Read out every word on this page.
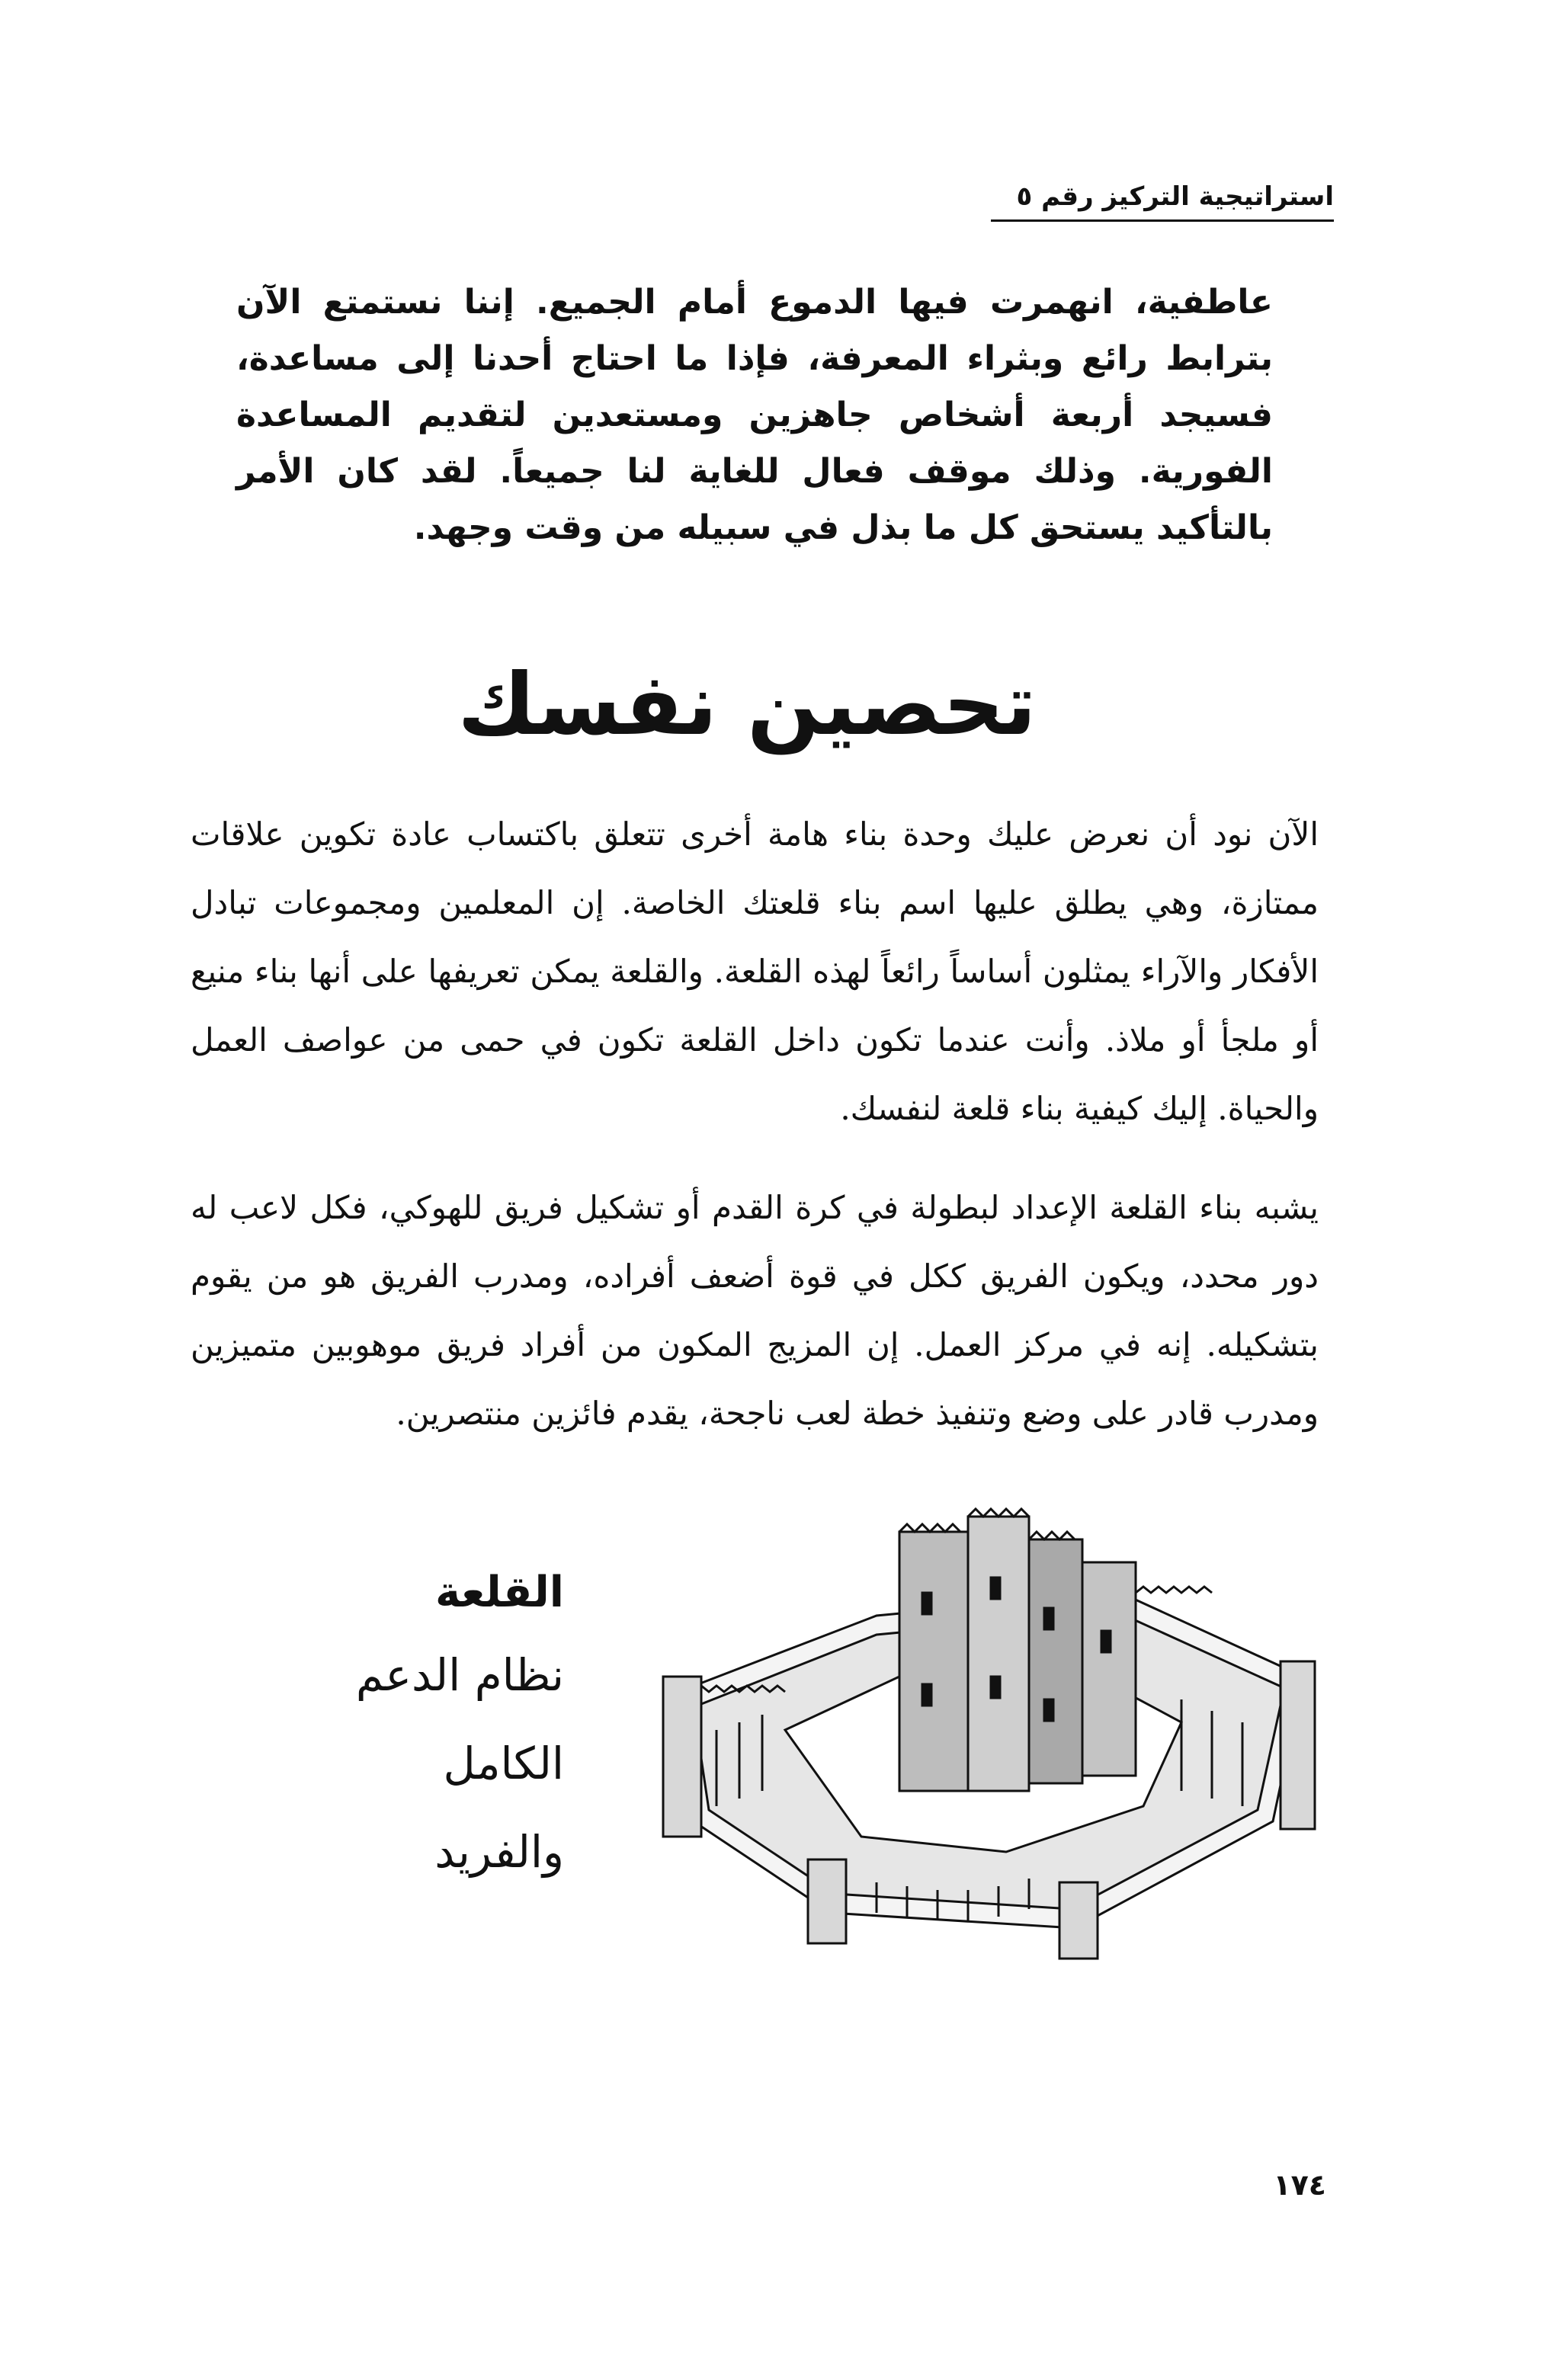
استراتيجية التركيز رقم ٥
عاطفية، انهمرت فيها الدموع أمام الجميع. إننا نستمتع الآن بترابط رائع وبثراء المعرفة، فإذا ما احتاج أحدنا إلى مساعدة، فسيجد أربعة أشخاص جاهزين ومستعدين لتقديم المساعدة الفورية. وذلك موقف فعال للغاية لنا جميعاً. لقد كان الأمر بالتأكيد يستحق كل ما بذل في سبيله من وقت وجهد.
تحصين نفسك
الآن نود أن نعرض عليك وحدة بناء هامة أخرى تتعلق باكتساب عادة تكوين علاقات ممتازة، وهي يطلق عليها اسم بناء قلعتك الخاصة. إن المعلمين ومجموعات تبادل الأفكار والآراء يمثلون أساساً رائعاً لهذه القلعة. والقلعة يمكن تعريفها على أنها بناء منيع أو ملجأ أو ملاذ. وأنت عندما تكون داخل القلعة تكون في حمى من عواصف العمل والحياة. إليك كيفية بناء قلعة لنفسك.
يشبه بناء القلعة الإعداد لبطولة في كرة القدم أو تشكيل فريق للهوكي، فكل لاعب له دور محدد، ويكون الفريق ككل في قوة أضعف أفراده، ومدرب الفريق هو من يقوم بتشكيله. إنه في مركز العمل. إن المزيج المكون من أفراد فريق موهوبين متميزين ومدرب قادر على وضع وتنفيذ خطة لعب ناجحة، يقدم فائزين منتصرين.
القلعة
نظام الدعم
الكامل
والفريد
١٧٤
